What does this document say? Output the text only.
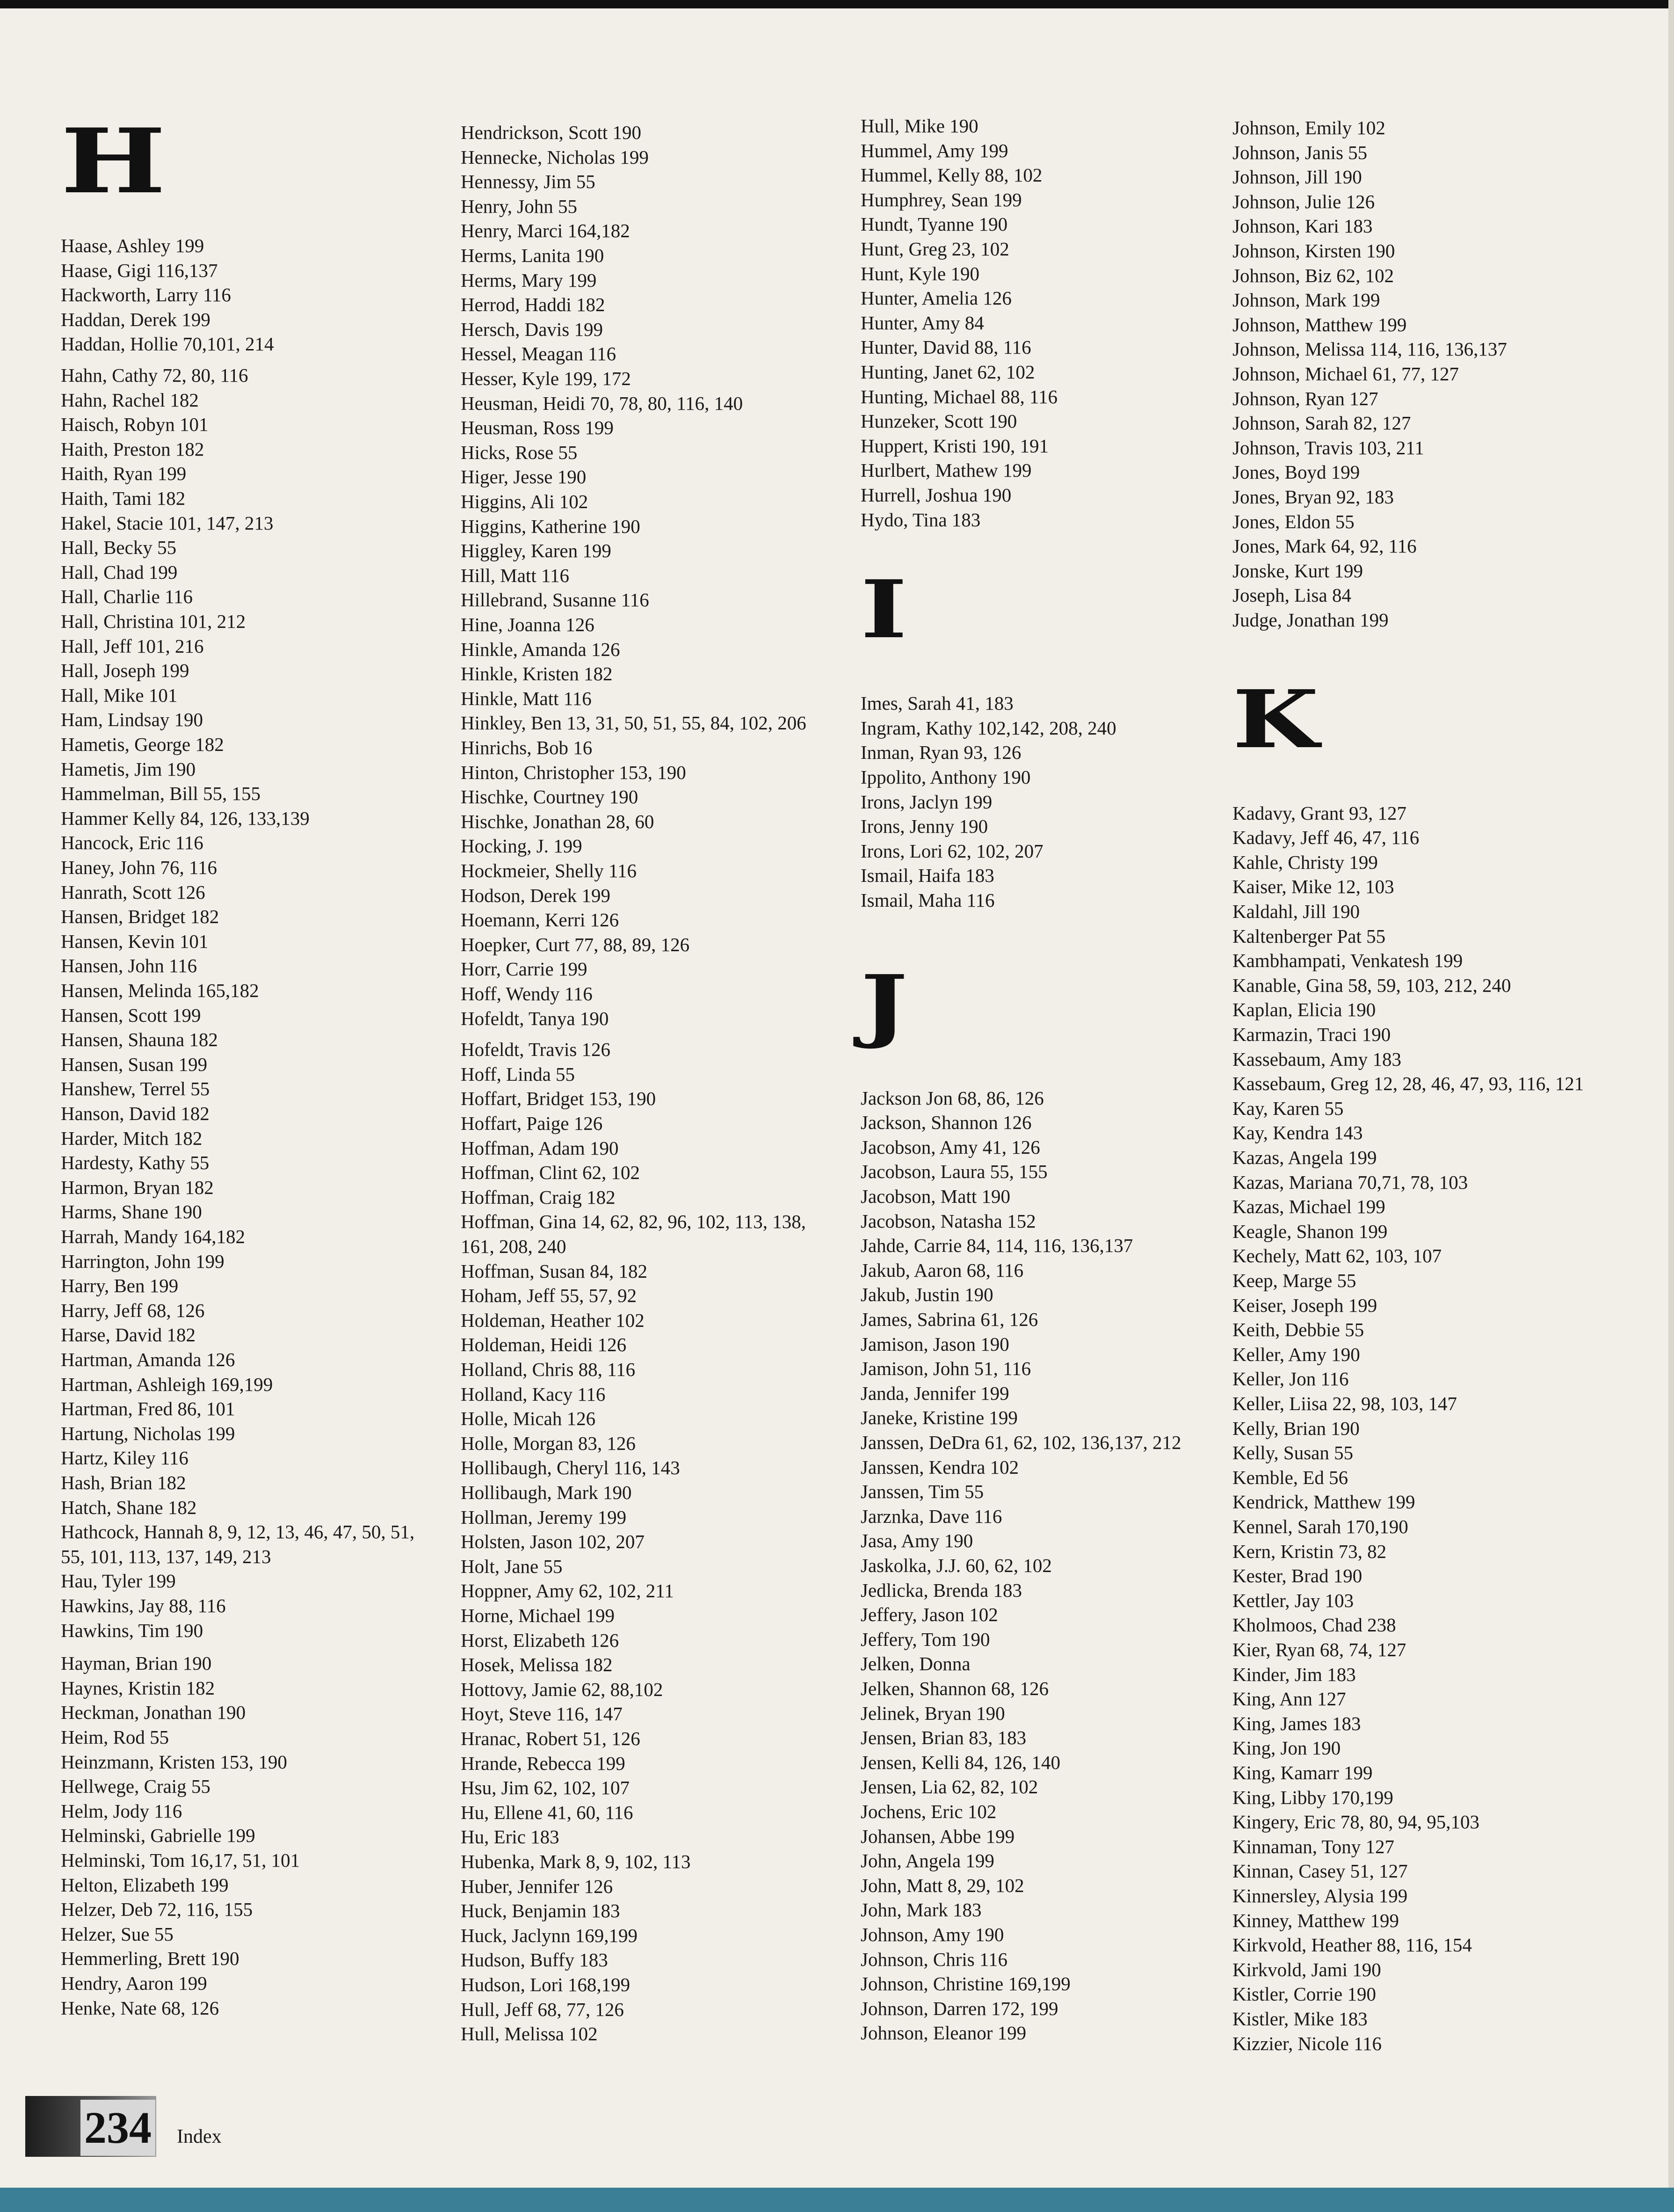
H
Haase, Ashley 199
Haase, Gigi 116,137
Hackworth, Larry 116
Haddan, Derek 199
Haddan, Hollie 70,101, 214
Hahn, Cathy 72, 80, 116
Hahn, Rachel 182
Haisch, Robyn 101
Haith, Preston 182
Haith, Ryan 199
Haith, Tami 182
Hakel, Stacie 101, 147, 213
Hall, Becky 55
Hall, Chad 199
Hall, Charlie 116
Hall, Christina 101, 212
Hall, Jeff 101, 216
Hall, Joseph 199
Hall, Mike 101
Ham, Lindsay 190
Hametis, George 182
Hametis, Jim 190
Hammelman, Bill 55, 155
Hammer Kelly 84, 126, 133,139
Hancock, Eric 116
Haney, John 76, 116
Hanrath, Scott 126
Hansen, Bridget 182
Hansen, Kevin 101
Hansen, John 116
Hansen, Melinda 165,182
Hansen, Scott 199
Hansen, Shauna 182
Hansen, Susan 199
Hanshew, Terrel 55
Hanson, David 182
Harder, Mitch 182
Hardesty, Kathy 55
Harmon, Bryan 182
Harms, Shane 190
Harrah, Mandy 164,182
Harrington, John 199
Harry, Ben 199
Harry, Jeff 68, 126
Harse, David 182
Hartman, Amanda 126
Hartman, Ashleigh 169,199
Hartman, Fred 86, 101
Hartung, Nicholas 199
Hartz, Kiley 116
Hash, Brian 182
Hatch, Shane 182
Hathcock, Hannah 8, 9, 12, 13, 46, 47, 50, 51,
55, 101, 113, 137, 149, 213
Hau, Tyler 199
Hawkins, Jay 88, 116
Hawkins, Tim 190
Hayman, Brian 190
Haynes, Kristin 182
Heckman, Jonathan 190
Heim, Rod 55
Heinzmann, Kristen 153, 190
Hellwege, Craig 55
Helm, Jody 116
Helminski, Gabrielle 199
Helminski, Tom 16,17, 51, 101
Helton, Elizabeth 199
Helzer, Deb 72, 116, 155
Helzer, Sue 55
Hemmerling, Brett 190
Hendry, Aaron 199
Henke, Nate 68, 126
Hendrickson, Scott 190
Hennecke, Nicholas 199
Hennessy, Jim 55
Henry, John 55
Henry, Marci 164,182
Herms, Lanita 190
Herms, Mary 199
Herrod, Haddi 182
Hersch, Davis 199
Hessel, Meagan 116
Hesser, Kyle 199, 172
Heusman, Heidi 70, 78, 80, 116, 140
Heusman, Ross 199
Hicks, Rose 55
Higer, Jesse 190
Higgins, Ali 102
Higgins, Katherine 190
Higgley, Karen 199
Hill, Matt 116
Hillebrand, Susanne 116
Hine, Joanna 126
Hinkle, Amanda 126
Hinkle, Kristen 182
Hinkle, Matt 116
Hinkley, Ben 13, 31, 50, 51, 55, 84, 102, 206
Hinrichs, Bob 16
Hinton, Christopher 153, 190
Hischke, Courtney 190
Hischke, Jonathan 28, 60
Hocking, J. 199
Hockmeier, Shelly 116
Hodson, Derek 199
Hoemann, Kerri 126
Hoepker, Curt 77, 88, 89, 126
Horr, Carrie 199
Hoff, Wendy 116
Hofeldt, Tanya 190
Hofeldt, Travis 126
Hoff, Linda 55
Hoffart, Bridget 153, 190
Hoffart, Paige 126
Hoffman, Adam 190
Hoffman, Clint 62, 102
Hoffman, Craig 182
Hoffman, Gina 14, 62, 82, 96, 102, 113, 138,
161, 208, 240
Hoffman, Susan 84, 182
Hoham, Jeff 55, 57, 92
Holdeman, Heather 102
Holdeman, Heidi 126
Holland, Chris 88, 116
Holland, Kacy 116
Holle, Micah 126
Holle, Morgan 83, 126
Hollibaugh, Cheryl 116, 143
Hollibaugh, Mark 190
Hollman, Jeremy 199
Holsten, Jason 102, 207
Holt, Jane 55
Hoppner, Amy 62, 102, 211
Horne, Michael 199
Horst, Elizabeth 126
Hosek, Melissa 182
Hottovy, Jamie 62, 88,102
Hoyt, Steve 116, 147
Hranac, Robert 51, 126
Hrande, Rebecca 199
Hsu, Jim 62, 102, 107
Hu, Ellene 41, 60, 116
Hu, Eric 183
Hubenka, Mark 8, 9, 102, 113
Huber, Jennifer 126
Huck, Benjamin 183
Huck, Jaclynn 169,199
Hudson, Buffy 183
Hudson, Lori 168,199
Hull, Jeff 68, 77, 126
Hull, Melissa 102
Hull, Mike 190
Hummel, Amy 199
Hummel, Kelly 88, 102
Humphrey, Sean 199
Hundt, Tyanne 190
Hunt, Greg 23, 102
Hunt, Kyle 190
Hunter, Amelia 126
Hunter, Amy 84
Hunter, David 88, 116
Hunting, Janet 62, 102
Hunting, Michael 88, 116
Hunzeker, Scott 190
Huppert, Kristi 190, 191
Hurlbert, Mathew 199
Hurrell, Joshua 190
Hydo, Tina 183
I
Imes, Sarah 41, 183
Ingram, Kathy 102,142, 208, 240
Inman, Ryan 93, 126
Ippolito, Anthony 190
Irons, Jaclyn 199
Irons, Jenny 190
Irons, Lori 62, 102, 207
Ismail, Haifa 183
Ismail, Maha 116
J
Jackson Jon 68, 86, 126
Jackson, Shannon 126
Jacobson, Amy 41, 126
Jacobson, Laura 55, 155
Jacobson, Matt 190
Jacobson, Natasha 152
Jahde, Carrie 84, 114, 116, 136,137
Jakub, Aaron 68, 116
Jakub, Justin 190
James, Sabrina 61, 126
Jamison, Jason 190
Jamison, John 51, 116
Janda, Jennifer 199
Janeke, Kristine 199
Janssen, DeDra 61, 62, 102, 136,137, 212
Janssen, Kendra 102
Janssen, Tim 55
Jarznka, Dave 116
Jasa, Amy 190
Jaskolka, J.J. 60, 62, 102
Jedlicka, Brenda 183
Jeffery, Jason 102
Jeffery, Tom 190
Jelken, Donna
Jelken, Shannon 68, 126
Jelinek, Bryan 190
Jensen, Brian 83, 183
Jensen, Kelli 84, 126, 140
Jensen, Lia 62, 82, 102
Jochens, Eric 102
Johansen, Abbe 199
John, Angela 199
John, Matt 8, 29, 102
John, Mark 183
Johnson, Amy 190
Johnson, Chris 116
Johnson, Christine 169,199
Johnson, Darren 172, 199
Johnson, Eleanor 199
Johnson, Emily 102
Johnson, Janis 55
Johnson, Jill 190
Johnson, Julie 126
Johnson, Kari 183
Johnson, Kirsten 190
Johnson, Biz 62, 102
Johnson, Mark 199
Johnson, Matthew 199
Johnson, Melissa 114, 116, 136,137
Johnson, Michael 61, 77, 127
Johnson, Ryan 127
Johnson, Sarah 82, 127
Johnson, Travis 103, 211
Jones, Boyd 199
Jones, Bryan 92, 183
Jones, Eldon 55
Jones, Mark 64, 92, 116
Jonske, Kurt 199
Joseph, Lisa 84
Judge, Jonathan 199
K
Kadavy, Grant 93, 127
Kadavy, Jeff 46, 47, 116
Kahle, Christy 199
Kaiser, Mike 12, 103
Kaldahl, Jill 190
Kaltenberger Pat 55
Kambhampati, Venkatesh 199
Kanable, Gina 58, 59, 103, 212, 240
Kaplan, Elicia 190
Karmazin, Traci 190
Kassebaum, Amy 183
Kassebaum, Greg 12, 28, 46, 47, 93, 116, 121
Kay, Karen 55
Kay, Kendra 143
Kazas, Angela 199
Kazas, Mariana 70,71, 78, 103
Kazas, Michael 199
Keagle, Shanon 199
Kechely, Matt 62, 103, 107
Keep, Marge 55
Keiser, Joseph 199
Keith, Debbie 55
Keller, Amy 190
Keller, Jon 116
Keller, Liisa 22, 98, 103, 147
Kelly, Brian 190
Kelly, Susan 55
Kemble, Ed 56
Kendrick, Matthew 199
Kennel, Sarah 170,190
Kern, Kristin 73, 82
Kester, Brad 190
Kettler, Jay 103
Kholmoos, Chad 238
Kier, Ryan 68, 74, 127
Kinder, Jim 183
King, Ann 127
King, James 183
King, Jon 190
King, Kamarr 199
King, Libby 170,199
Kingery, Eric 78, 80, 94, 95,103
Kinnaman, Tony 127
Kinnan, Casey 51, 127
Kinnersley, Alysia 199
Kinney, Matthew 199
Kirkvold, Heather 88, 116, 154
Kirkvold, Jami 190
Kistler, Corrie 190
Kistler, Mike 183
Kizzier, Nicole 116
234 Index
